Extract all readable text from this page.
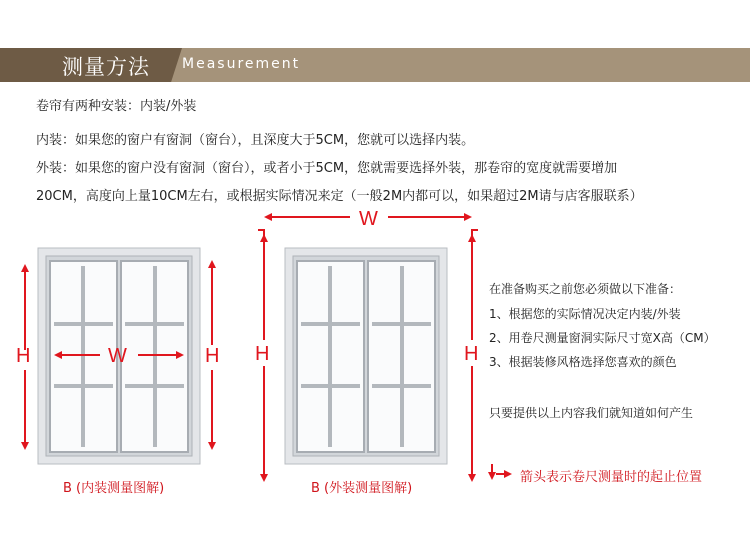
测量方法 Measurement
卷帘有两种安装：内装/外装
内装：如果您的窗户有窗洞（窗台），且深度大于5CM，您就可以选择内装。
外装：如果您的窗户没有窗洞（窗台），或者小于5CM，您就需要选择外装，那卷帘的宽度就需要增加
20CM，高度向上量10CM左右，或根据实际情况来定（一般2M内都可以，如果超过2M请与店客服联系）
H	W	H
W
H	H
B (内装测量图解)	B (外装测量图解)
在准备购买之前您必须做以下准备：
1、根据您的实际情况决定内装/外装
2、用卷尺测量窗洞实际尺寸宽X高（CM）
3、根据装修风格选择您喜欢的颜色
只要提供以上内容我们就知道如何产生
箭头表示卷尺测量时的起止位置
